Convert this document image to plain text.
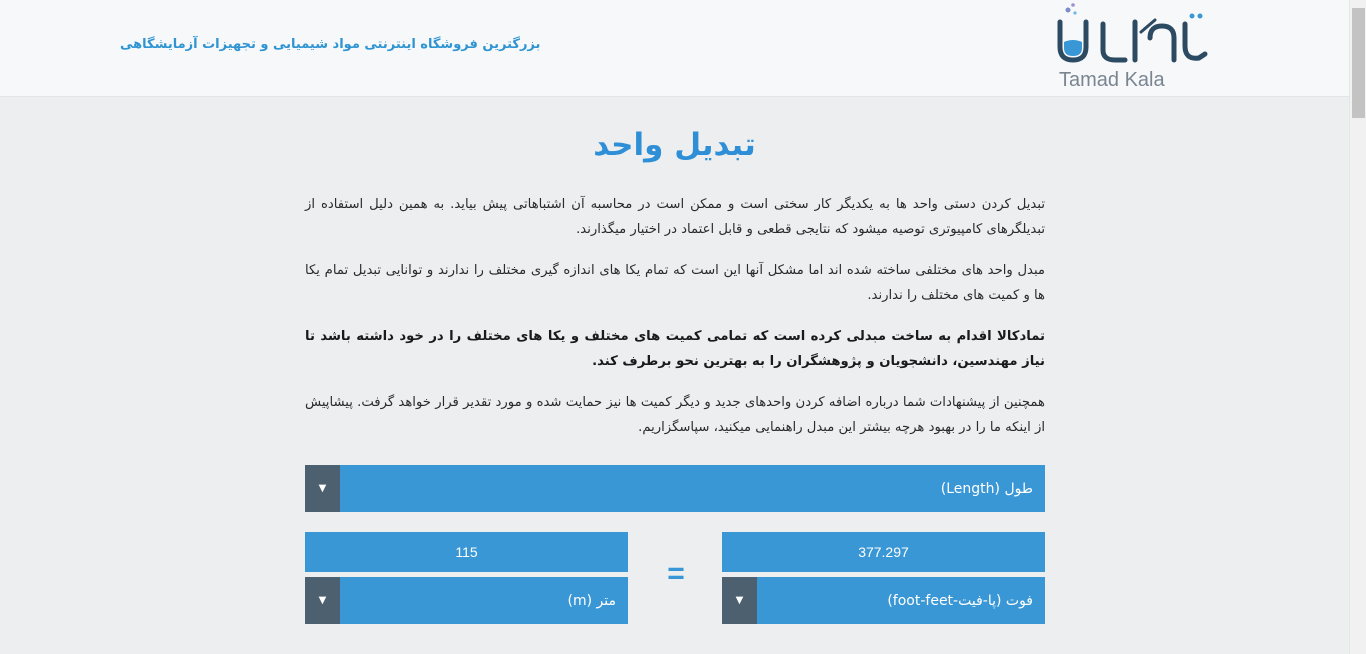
بزرگترین فروشگاه اینترنتی مواد شیمیایی و تجهیزات آزمایشگاهی
Tamad Kala
تبدیل واحد

تبدیل کردن دستی واحد ها به یکدیگر کار سختی است و ممکن است در محاسبه آن اشتباهاتی پیش بیاید. به همین دلیل استفاده از تبدیلگرهای کامپیوتری توصیه میشود که نتایجی قطعی و قابل اعتماد در اختیار میگذارند.

مبدل واحد های مختلفی ساخته شده اند اما مشکل آنها این است که تمام یکا های اندازه گیری مختلف را ندارند و توانایی تبدیل تمام یکا ها و کمیت های مختلف را ندارند.

تمادکالا اقدام به ساخت مبدلی کرده است که تمامی کمیت های مختلف و یکا های مختلف را در خود داشته باشد تا نیاز مهندسین، دانشجویان و پژوهشگران را به بهترین نحو برطرف کند.

همچنین از پیشنهادات شما درباره اضافه کردن واحدهای جدید و دیگر کمیت ها نیز حمایت شده و مورد تقدیر قرار خواهد گرفت. پیشاپیش از اینکه ما را در بهبود هرچه بیشتر این مبدل راهنمایی میکنید، سپاسگزاریم.

طول (Length)
▼
115	377.297
=
متر (m)
▼	فوت (پا-فیت-foot-feet)
▼
